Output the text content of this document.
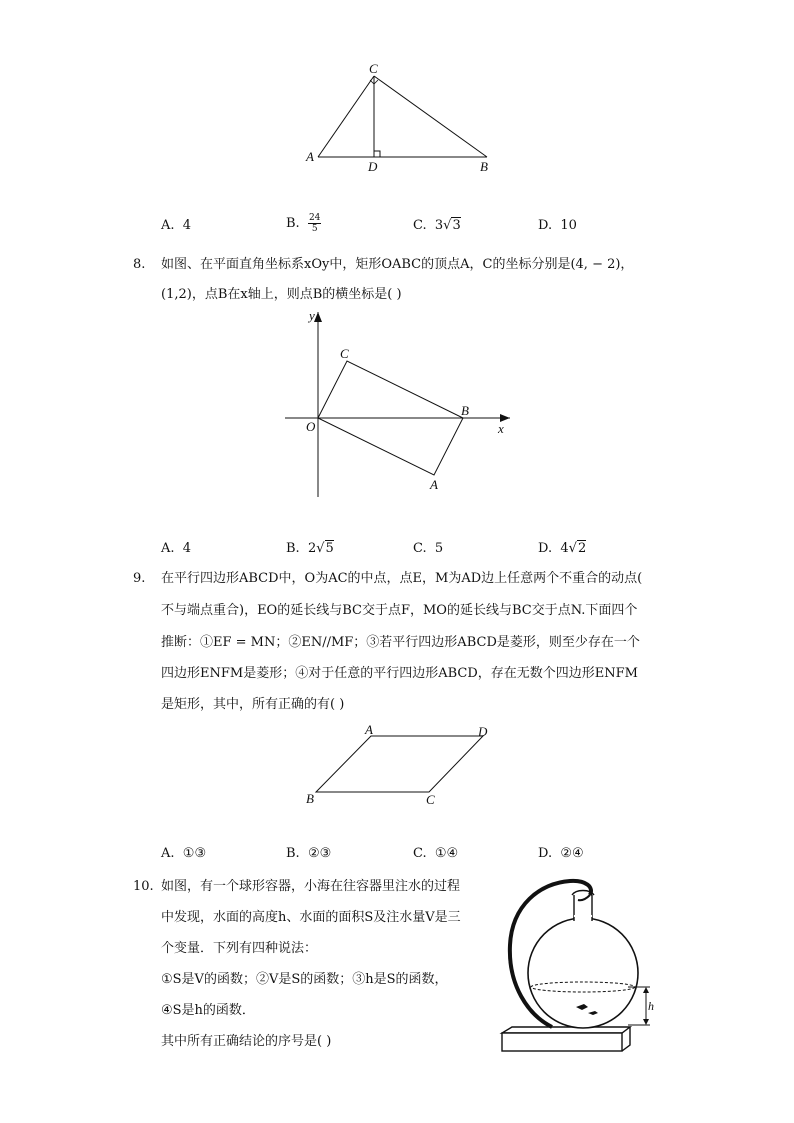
C
A
D	B
A. 4	B. $\frac{24}{5}$	C. 3√3	D. 10
8. 如图、在平面直角坐标系xOy中，矩形OABC的顶点A，C的坐标分别是(4, − 2)，
(1,2)，点B在x轴上，则点B的横坐标是( )
y
C
B
x
O
A
A. 4	B. 2√5	C. 5	D. 4√2
9. 在平行四边形ABCD中，O为AC的中点，点E，M为AD边上任意两个不重合的动点(
不与端点重合)，EO的延长线与BC交于点F，MO的延长线与BC交于点N.下面四个
推断：①EF = MN；②EN//MF；③若平行四边形ABCD是菱形，则至少存在一个
四边形ENFM是菱形；④对于任意的平行四边形ABCD，存在无数个四边形ENFM
是矩形，其中，所有正确的有( )
A	D
B	C
A. ①③	B. ②③	C. ①④	D. ②④
10. 如图，有一个球形容器，小海在往容器里注水的过程
中发现，水面的高度h、水面的面积S及注水量V是三
个变量．下列有四种说法：
①S是V的函数；②V是S的函数；③h是S的函数，
④S是h的函数．
其中所有正确结论的序号是( )
h
